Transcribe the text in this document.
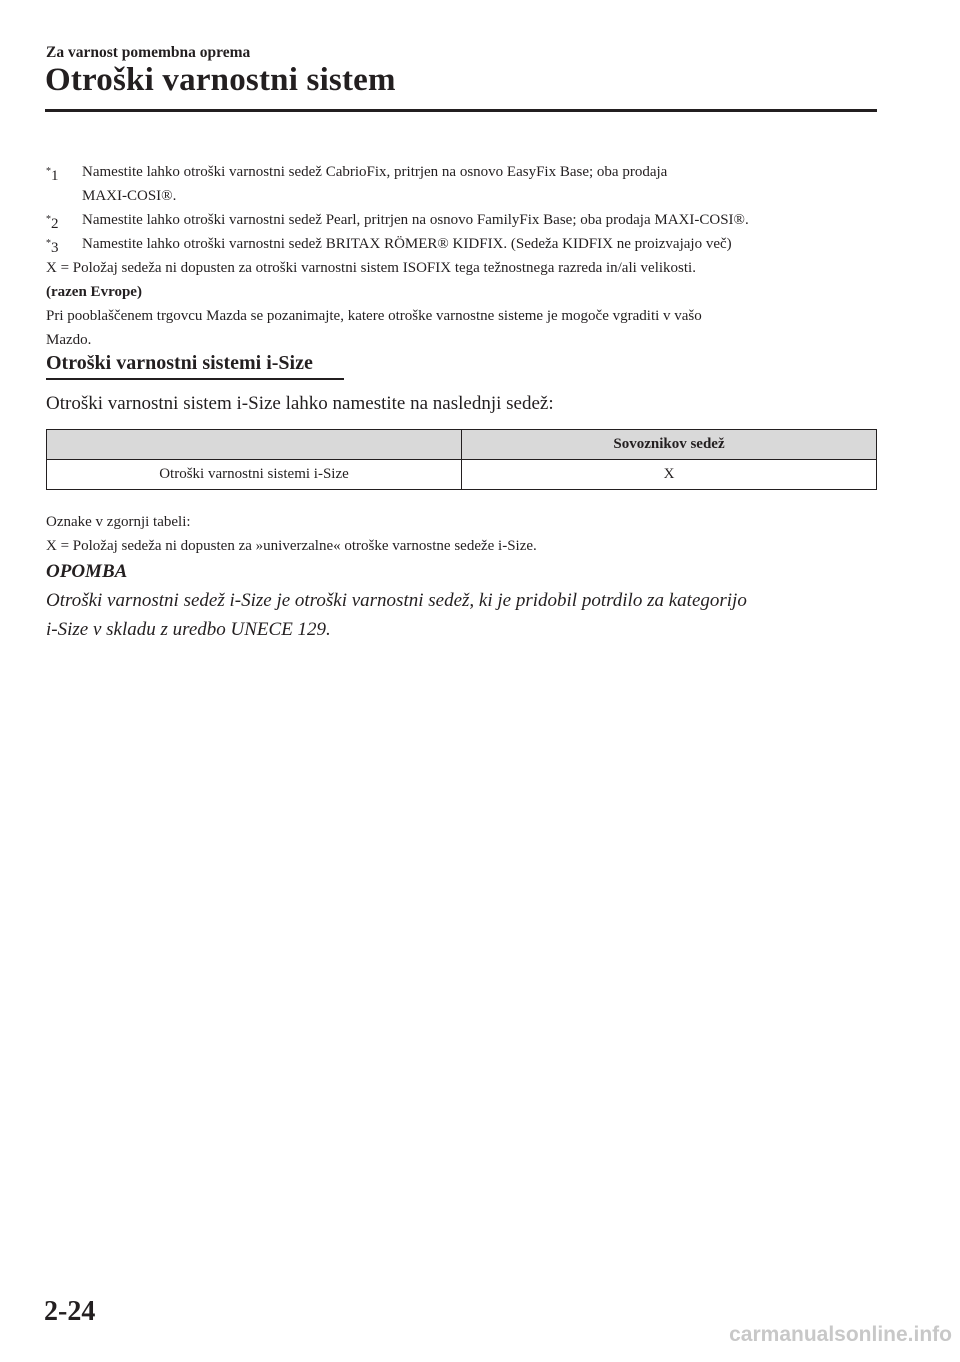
Za varnost pomembna oprema
Otroški varnostni sistem
*1 Namestite lahko otroški varnostni sedež CabrioFix, pritrjen na osnovo EasyFix Base; oba prodaja
MAXI-COSI®.
*2 Namestite lahko otroški varnostni sedež Pearl, pritrjen na osnovo FamilyFix Base; oba prodaja MAXI-COSI®.
*3 Namestite lahko otroški varnostni sedež BRITAX RÖMER® KIDFIX. (Sedeža KIDFIX ne proizvajajo več)
X = Položaj sedeža ni dopusten za otroški varnostni sistem ISOFIX tega težnostnega razreda in/ali velikosti.
(razen Evrope)
Pri pooblaščenem trgovcu Mazda se pozanimajte, katere otroške varnostne sisteme je mogoče vgraditi v vašo
Mazdo.
Otroški varnostni sistemi i-Size
Otroški varnostni sistem i-Size lahko namestite na naslednji sedež:
	Sovoznikov sedež
Otroški varnostni sistemi i-Size	X
Oznake v zgornji tabeli:
X = Položaj sedeža ni dopusten za »univerzalne« otroške varnostne sedeže i-Size.
OPOMBA
Otroški varnostni sedež i-Size je otroški varnostni sedež, ki je pridobil potrdilo za kategorijo
i-Size v skladu z uredbo UNECE 129.
2-24
carmanualsonline.info
